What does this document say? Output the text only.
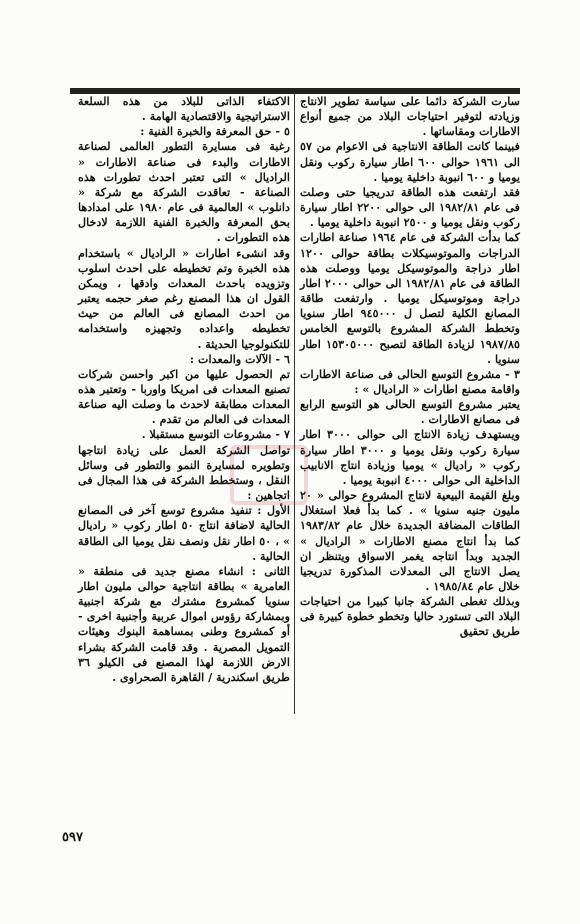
سارت الشركة دائما على سياسة تطوير الانتاج وزيادته لتوفير احتياجات البلاد من جميع أنواع الاطارات ومقاساتها .

فبينما كانت الطاقة الانتاجية فى الاعوام من ٥٧ الى ١٩٦١ حوالى ٦٠٠ اطار سيارة ركوب ونقل يوميا و ٦٠٠ انبوبة داخلية يوميا .

فقد ارتفعت هذه الطاقة تدريجيا حتى وصلت فى عام ١٩٨٢/٨١ الى حوالى ٢٢٠٠ اطار سيارة ركوب ونقل يوميا و ٢٥٠٠ انبوبة داخلية يوميا .

كما بدأت الشركة فى عام ١٩٦٤ صناعة اطارات الدراجات والموتوسيكلات بطاقة حوالى ١٢٠٠ اطار دراجة والموتوسيكل يوميا ووصلت هذه الطاقة فى عام ١٩٨٢/٨١ الى حوالى ٢٠٠٠ اطار دراجة وموتوسيكل يوميا . وارتفعت طاقة المصانع الكلية لتصل ل ٩٤٥٠٠٠ اطار سنويا وتخطط الشركة المشروع بالتوسع الخامس ١٩٨٧/٨٥ لزيادة الطاقة لتصبح ١٥٣٠٥٠٠٠ اطار سنويا .

٣ - مشروع التوسع الحالى فى صناعة الاطارات واقامة مصنع اطارات « الراديال » :

يعتبر مشروع التوسع الحالى هو التوسع الرابع فى مصانع الاطارات .

ويستهدف زيادة الانتاج الى حوالى ٣٠٠٠ اطار سيارة ركوب ونقل يوميا و ٣٠٠٠ اطار سيارة ركوب « راديال » يوميا وزيادة انتاج الانابيب الداخلية الى حوالى ٤٠٠٠ انبوبة يوميا .

وبلغ القيمة البيعية لانتاج المشروع حوالى « ٢٠ مليون جنيه سنويا » . كما بدأ فعلا استغلال الطاقات المضافة الجديدة خلال عام ١٩٨٣/٨٢ كما بدأ انتاج مصنع الاطارات « الراديال » الجديد وبدأ انتاجه يغمر الاسواق ويتنظر ان يصل الانتاج الى المعدلات المذكورة تدريجيا خلال عام ١٩٨٥/٨٤ .

وبذلك تغطى الشركة جانبا كبيرا من احتياجات البلاد التى تستورد حاليا وتخطو خطوة كبيرة فى طريق تحقيق

الاكتفاء الذاتى للبلاد من هذه السلعة الاستراتيجية والاقتصادية الهامة .

٥ - حق المعرفة والخبرة الفنية :

رغبة فى مسايرة التطور العالمى لصناعة الاطارات والبدء فى صناعة الاطارات « الراديال » التى تعتبر احدث تطورات هذه الصناعة - تعاقدت الشركة مع شركة « دانلوب » العالمية فى عام ١٩٨٠ على امدادها بحق المعرفة والخبرة الفنية اللازمة لادخال هذه التطورات .

وقد انشىء اطارات « الراديال » باستخدام هذه الخبرة وتم تخطيطه على احدث اسلوب وتزويده باحدث المعدات وادقها ، ويمكن القول ان هذا المصنع رغم صغر حجمه يعتبر من احدث المصانع فى العالم من حيث تخطيطه واعداده وتجهيزه واستخدامه للتكنولوجيا الحديثة .

٦ - الآلات والمعدات :

تم الحصول عليها من اكبر واحسن شركات تصنيع المعدات فى امريكا واوربا - وتعتبر هذه المعدات مطابقة لاحدث ما وصلت اليه صناعة المعدات فى العالم من تقدم .

٧ - مشروعات التوسع مستقبلا .

تواصل الشركة العمل على زيادة انتاجها وتطويره لمسايرة النمو والتطور فى وسائل النقل ، وستخطط الشركة فى هذا المجال فى اتجاهين :

الأول : تنفيذ مشروع توسع آخر فى المصانع الحالية لاضافة انتاج ٥٠ اطار ركوب « راديال » ، ٥٠ اطار نقل ونصف نقل يوميا الى الطاقة الحالية .

الثانى : انشاء مصنع جديد فى منطقة « العامرية » بطاقة انتاجية حوالى مليون اطار سنويا كمشروع مشترك مع شركة اجنبية وبمشاركة رؤوس اموال عربية وأجنبية اخرى - أو كمشروع وطنى بمساهمة البنوك وهيئات التمويل المصرية . وقد قامت الشركة بشراء الارض اللازمة لهذا المصنع فى الكيلو ٣٦ طريق اسكندرية / القاهرة الصحراوى .

٥٩٧
